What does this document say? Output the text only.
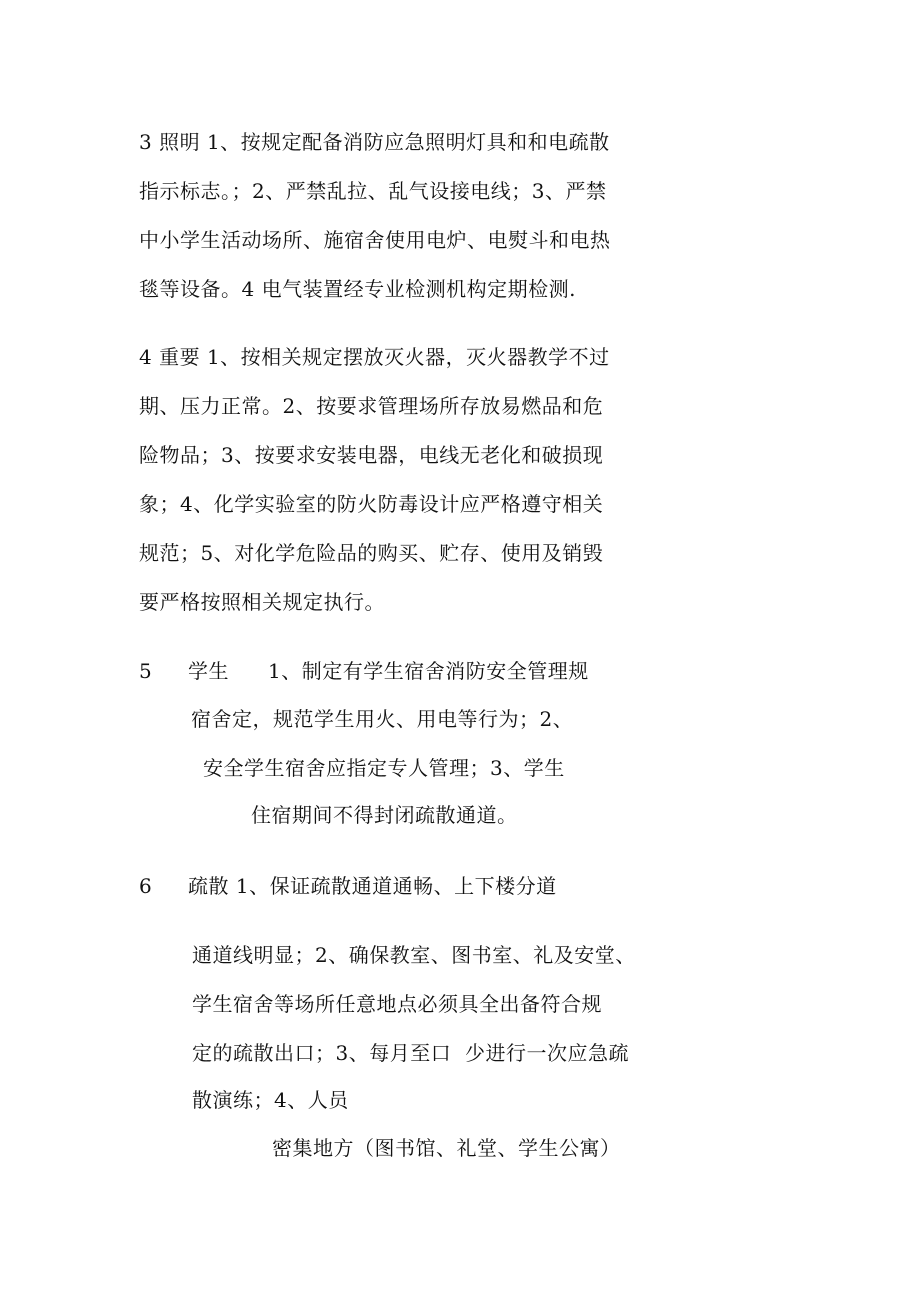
3 照明 1、按规定配备消防应急照明灯具和和电疏散
指示标志。；2、严禁乱拉、乱气设接电线；3、严禁
中小学生活动场所、施宿舍使用电炉、电熨斗和电热
毯等设备。4 电气装置经专业检测机构定期检测.
4 重要 1、按相关规定摆放灭火器，灭火器教学不过
期、压力正常。2、按要求管理场所存放易燃品和危
险物品；3、按要求安装电器，电线无老化和破损现
象；4、化学实验室的防火防毒设计应严格遵守相关
规范；5、对化学危险品的购买、贮存、使用及销毁
要严格按照相关规定执行。
5 学生 1、制定有学生宿舍消防安全管理规
宿舍定，规范学生用火、用电等行为；2、
安全学生宿舍应指定专人管理；3、学生
住宿期间不得封闭疏散通道。
6 疏散 1、保证疏散通道通畅、上下楼分道
通道线明显；2、确保教室、图书室、礼及安堂、
学生宿舍等场所任意地点必须具全出备符合规
定的疏散出口；3、每月至口  少进行一次应急疏
散演练；4、人员
密集地方（图书馆、礼堂、学生公寓）
